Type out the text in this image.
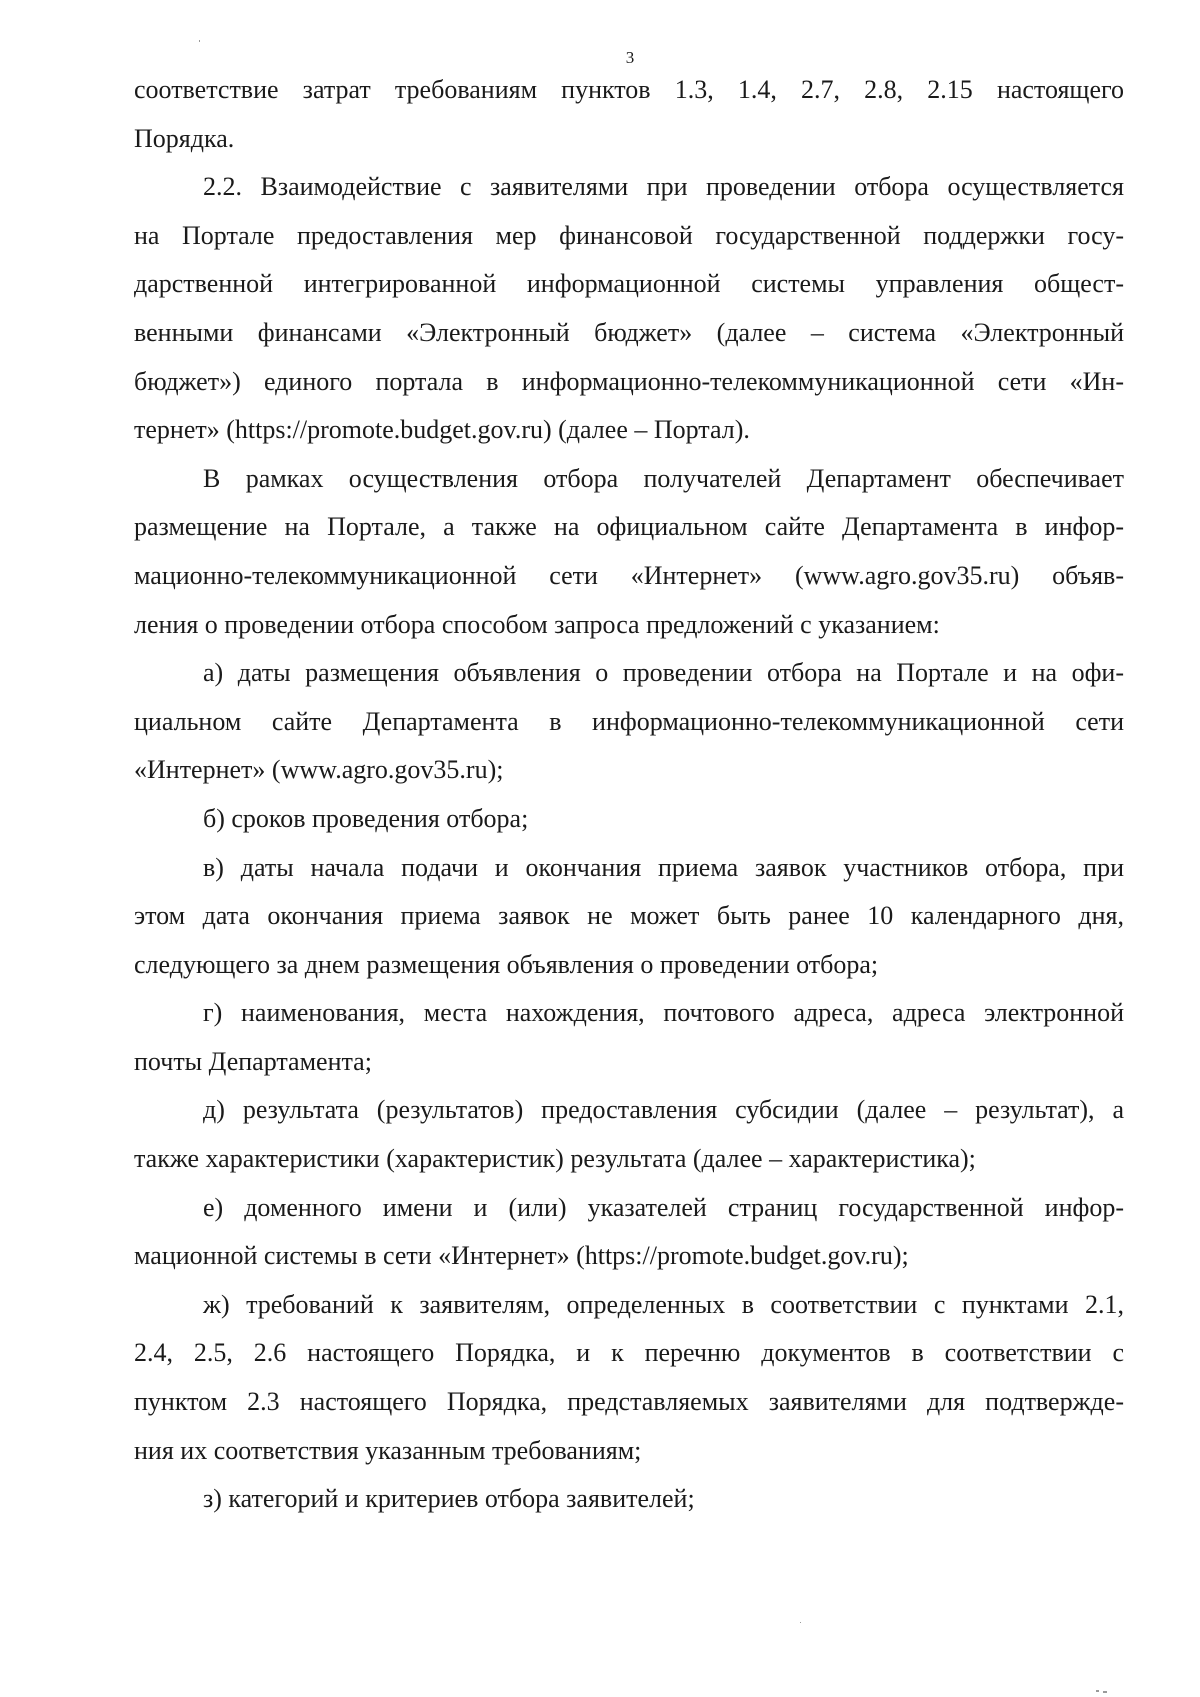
3
соответствие затрат требованиям пунктов 1.3, 1.4, 2.7, 2.8, 2.15 настоящего
Порядка.
2.2. Взаимодействие с заявителями при проведении отбора осуществляется
на Портале предоставления мер финансовой государственной поддержки госу-
дарственной интегрированной информационной системы управления общест-
венными финансами «Электронный бюджет» (далее – система «Электронный
бюджет») единого портала в информационно-телекоммуникационной сети «Ин-
тернет» (https://promote.budget.gov.ru) (далее – Портал).
В рамках осуществления отбора получателей Департамент обеспечивает
размещение на Портале, а также на официальном сайте Департамента в инфор-
мационно-телекоммуникационной сети «Интернет» (www.agro.gov35.ru) объяв-
ления о проведении отбора способом запроса предложений с указанием:
а) даты размещения объявления о проведении отбора на Портале и на офи-
циальном сайте Департамента в информационно-телекоммуникационной сети
«Интернет» (www.agro.gov35.ru);
б) сроков проведения отбора;
в) даты начала подачи и окончания приема заявок участников отбора, при
этом дата окончания приема заявок не может быть ранее 10 календарного дня,
следующего за днем размещения объявления о проведении отбора;
г) наименования, места нахождения, почтового адреса, адреса электронной
почты Департамента;
д) результата (результатов) предоставления субсидии (далее – результат), а
также характеристики (характеристик) результата (далее – характеристика);
е) доменного имени и (или) указателей страниц государственной инфор-
мационной системы в сети «Интернет» (https://promote.budget.gov.ru);
ж) требований к заявителям, определенных в соответствии с пунктами 2.1,
2.4, 2.5, 2.6 настоящего Порядка, и к перечню документов в соответствии с
пунктом 2.3 настоящего Порядка, представляемых заявителями для подтвержде-
ния их соответствия указанным требованиям;
з) категорий и критериев отбора заявителей;
